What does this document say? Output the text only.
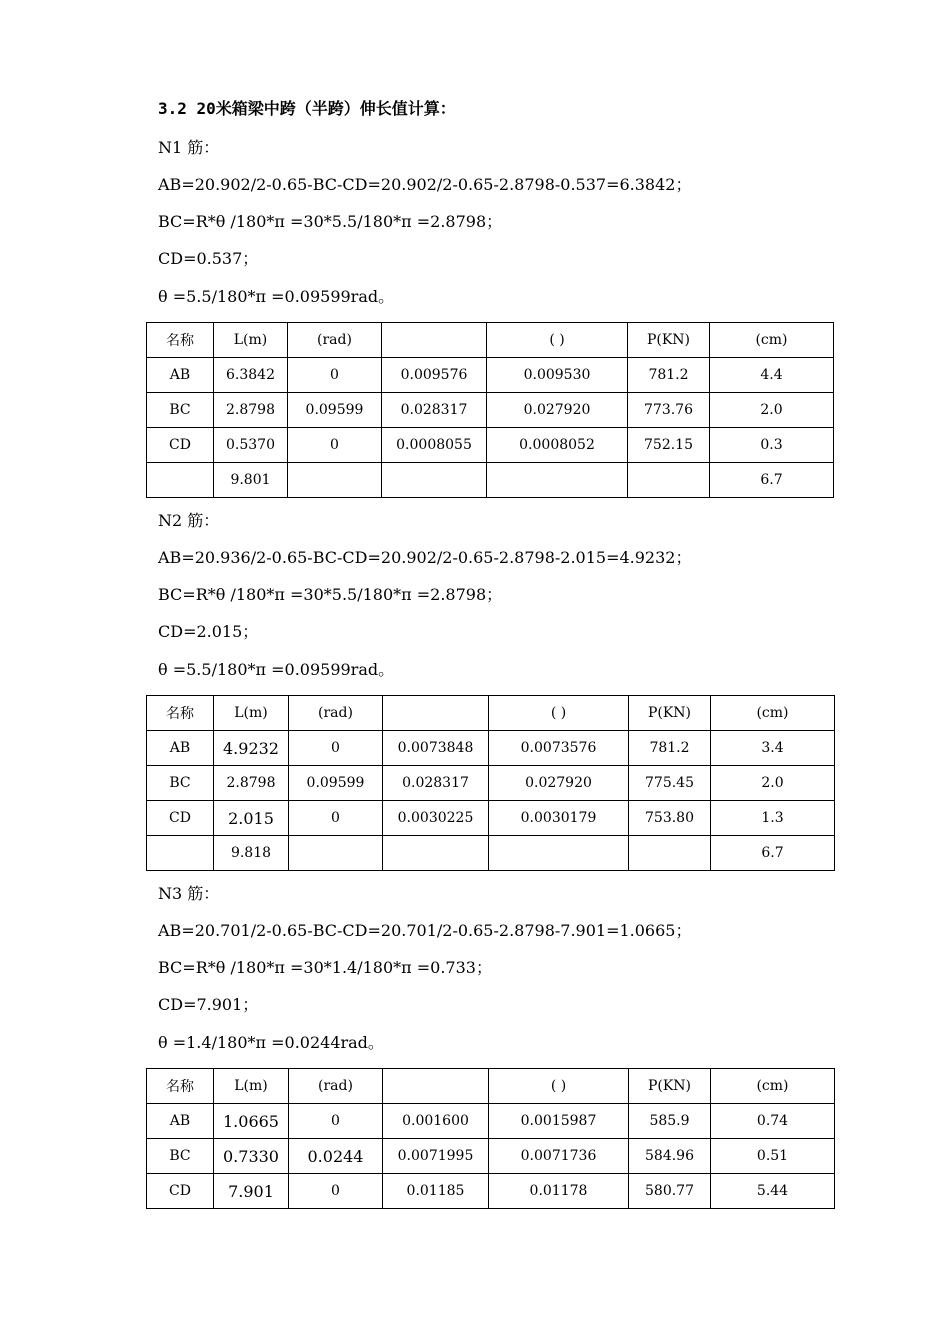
3.2 20米箱梁中跨（半跨）伸长值计算：
N1 筋：
AB=20.902/2-0.65-BC-CD=20.902/2-0.65-2.8798-0.537=6.3842；
BC=R*θ /180*π =30*5.5/180*π =2.8798；
CD=0.537；
θ =5.5/180*π =0.09599rad。
名称	L(m)	(rad)		( )	P(KN)	(cm)
AB	6.3842	0	0.009576	0.009530	781.2	4.4
BC	2.8798	0.09599	0.028317	0.027920	773.76	2.0
CD	0.5370	0	0.0008055	0.0008052	752.15	0.3
	9.801					6.7
N2 筋：
AB=20.936/2-0.65-BC-CD=20.902/2-0.65-2.8798-2.015=4.9232；
BC=R*θ /180*π =30*5.5/180*π =2.8798；
CD=2.015；
θ =5.5/180*π =0.09599rad。
名称	L(m)	(rad)		( )	P(KN)	(cm)
AB	4.9232	0	0.0073848	0.0073576	781.2	3.4
BC	2.8798	0.09599	0.028317	0.027920	775.45	2.0
CD	2.015	0	0.0030225	0.0030179	753.80	1.3
	9.818					6.7
N3 筋：
AB=20.701/2-0.65-BC-CD=20.701/2-0.65-2.8798-7.901=1.0665；
BC=R*θ /180*π =30*1.4/180*π =0.733；
CD=7.901；
θ =1.4/180*π =0.0244rad。
名称	L(m)	(rad)		( )	P(KN)	(cm)
AB	1.0665	0	0.001600	0.0015987	585.9	0.74
BC	0.7330	0.0244	0.0071995	0.0071736	584.96	0.51
CD	7.901	0	0.01185	0.01178	580.77	5.44
